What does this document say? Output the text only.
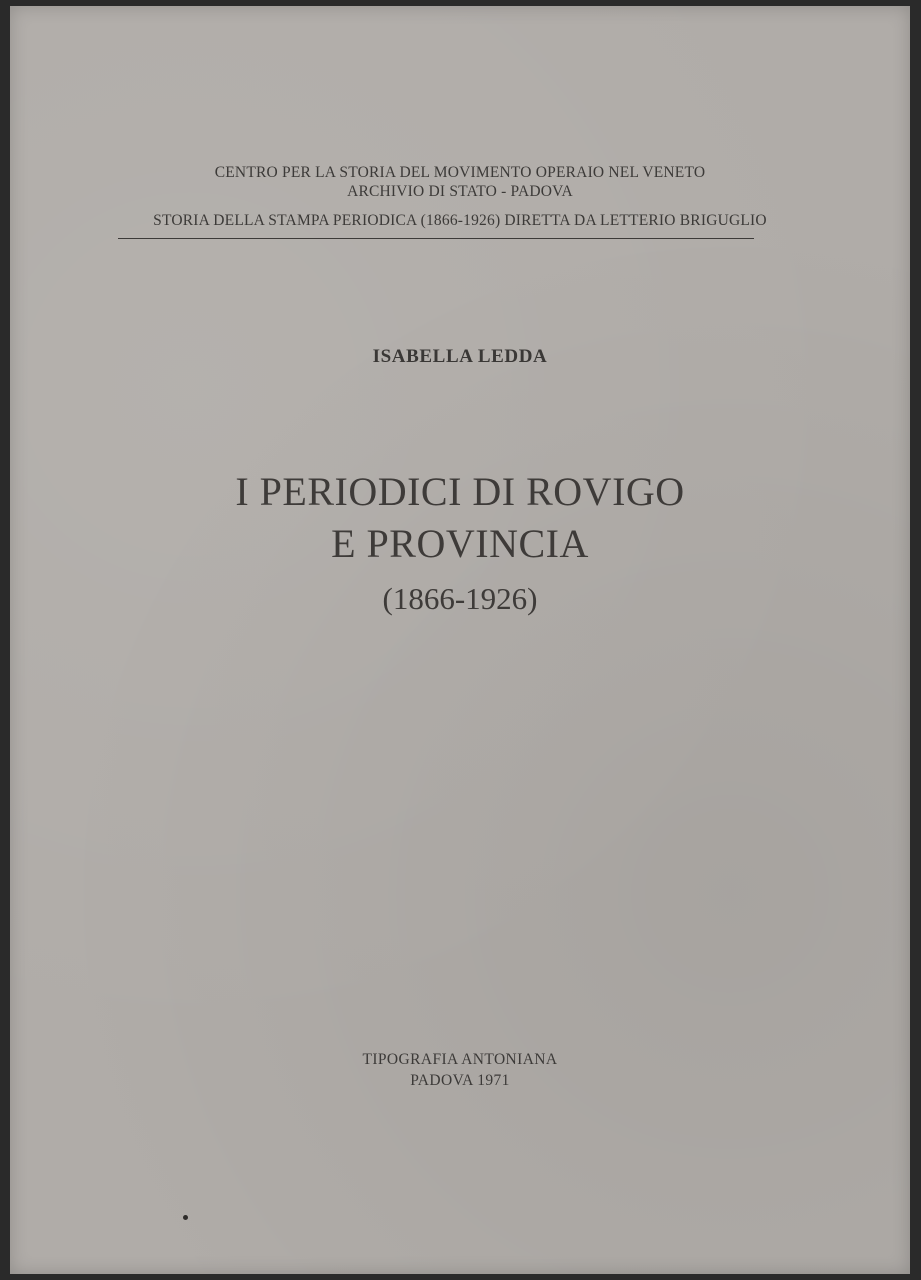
CENTRO PER LA STORIA DEL MOVIMENTO OPERAIO NEL VENETO
ARCHIVIO DI STATO - PADOVA
STORIA DELLA STAMPA PERIODICA (1866-1926) DIRETTA DA LETTERIO BRIGUGLIO
ISABELLA LEDDA
I PERIODICI DI ROVIGO
E PROVINCIA
(1866-1926)
TIPOGRAFIA ANTONIANA
PADOVA 1971
